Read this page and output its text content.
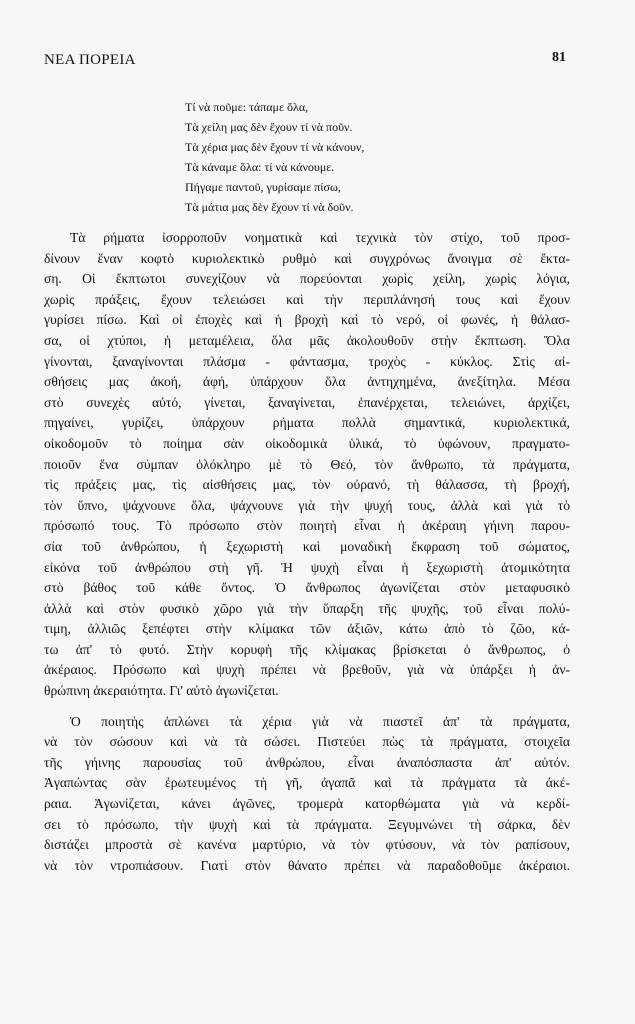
ΝΕΑ ΠΟΡΕΙΑ	81
Τί νὰ ποῦμε: τάπαμε ὅλα,
Τὰ χείλη μας δὲν ἔχουν τί νὰ ποῦν.
Τὰ χέρια μας δὲν ἔχουν τί νὰ κάνουν,
Τὰ κάναμε ὅλα: τί νὰ κάνουμε.
Πήγαμε παντοῦ, γυρίσαμε πίσω,
Τὰ μάτια μας δὲν ἔχουν τί νὰ δοῦν.
Τὰ ρήματα ἰσορροποῦν νοηματικὰ καὶ τεχνικὰ τὸν στίχο, τοῦ προσ-
δίνουν ἕναν κοφτὸ κυριολεκτικὸ ρυθμὸ καὶ συγχρόνως ἄνοιγμα σὲ ἔκτα-
ση. Οἱ ἔκπτωτοι συνεχίζουν νὰ πορεύονται χωρὶς χείλη, χωρὶς λόγια,
χωρὶς πράξεις, ἔχουν τελειώσει καὶ τὴν περιπλάνησή τους καὶ ἔχουν
γυρίσει πίσω. Καὶ οἱ ἐποχὲς καὶ ἡ βροχὴ καὶ τὸ νερό, οἱ φωνές, ἡ θάλασ-
σα, οἱ χτύποι, ἡ μεταμέλεια, ὅλα μᾶς ἀκολουθοῦν στὴν ἔκπτωση. Ὅλα
γίνονται, ξαναγίνονται πλάσμα - φάντασμα, τροχὸς - κύκλος. Στὶς αἰ-
σθήσεις μας ἀκοή, ἀφή, ὑπάρχουν ὅλα ἀντηχημένα, ἀνεξίτηλα. Μέσα
στὸ συνεχὲς αὐτό, γίνεται, ξαναγίνεται, ἐπανέρχεται, τελειώνει, ἀρχίζει,
πηγαίνει, γυρίζει, ὑπάρχουν ρήματα πολλὰ σημαντικά, κυριολεκτικά,
οἰκοδομοῦν τὸ ποίημα σὰν οἰκοδομικὰ ὑλικά, τὸ ὑφώνουν, πραγματο-
ποιοῦν ἕνα σύμπαν ὁλόκληρο μὲ τὸ Θεό, τὸν ἄνθρωπο, τὰ πράγματα,
τὶς πράξεις μας, τὶς αἰσθήσεις μας, τὸν οὐρανό, τὴ θάλασσα, τὴ βροχή,
τὸν ὕπνο, ψάχνουνε ὅλα, ψάχνουνε γιὰ τὴν ψυχή τους, ἀλλὰ καὶ γιὰ τὸ
πρόσωπό τους. Τὸ πρόσωπο στὸν ποιητὴ εἶναι ἡ ἀκέραιη γήινη παρου-
σία τοῦ ἀνθρώπου, ἡ ξεχωριστὴ καὶ μοναδικὴ ἔκφραση τοῦ σώματος,
εἰκόνα τοῦ ἀνθρώπου στὴ γῆ. Ἡ ψυχὴ εἶναι ἡ ξεχωριστὴ ἀτομικότητα
στὸ βάθος τοῦ κάθε ὄντος. Ὁ ἄνθρωπος ἀγωνίζεται στὸν μεταφυσικὸ
ἀλλὰ καὶ στὸν φυσικὸ χῶρο γιὰ τὴν ὕπαρξη τῆς ψυχῆς, τοῦ εἶναι πολύ-
τιμη, ἀλλιῶς ξεπέφτει στὴν κλίμακα τῶν ἀξιῶν, κάτω ἀπὸ τὸ ζῶο, κά-
τω ἀπ' τὸ φυτό. Στὴν κορυφὴ τῆς κλίμακας βρίσκεται ὁ ἄνθρωπος, ὁ
ἀκέραιος. Πρόσωπο καὶ ψυχὴ πρέπει νὰ βρεθοῦν, γιὰ νὰ ὑπάρξει ἡ ἀν-
θρώπινη ἀκεραιότητα. Γι' αὐτὸ ἀγωνίζεται.
Ὁ ποιητὴς ἁπλώνει τὰ χέρια γιὰ νὰ πιαστεῖ ἀπ' τὰ πράγματα,
νὰ τὸν σώσουν καὶ νὰ τὰ σώσει. Πιστεύει πὼς τὰ πράγματα, στοιχεῖα
τῆς γήινης παρουσίας τοῦ ἀνθρώπου, εἶναι ἀναπόσπαστα ἀπ' αὐτόν.
Ἀγαπώντας σὰν ἐρωτευμένος τὴ γῆ, ἀγαπᾶ καὶ τὰ πράγματα τὰ ἀκέ-
ραια. Ἀγωνίζεται, κάνει ἀγῶνες, τρομερὰ κατορθώματα γιὰ νὰ κερδί-
σει τὸ πρόσωπο, τὴν ψυχὴ καὶ τὰ πράγματα. Ξεγυμνώνει τὴ σάρκα, δὲν
διστάζει μπροστὰ σὲ κανένα μαρτύριο, νὰ τὸν φτύσουν, νὰ τὸν ραπίσουν,
νὰ τὸν ντροπιάσουν. Γιατὶ στὸν θάνατο πρέπει νὰ παραδοθοῦμε ἀκέραιοι.
